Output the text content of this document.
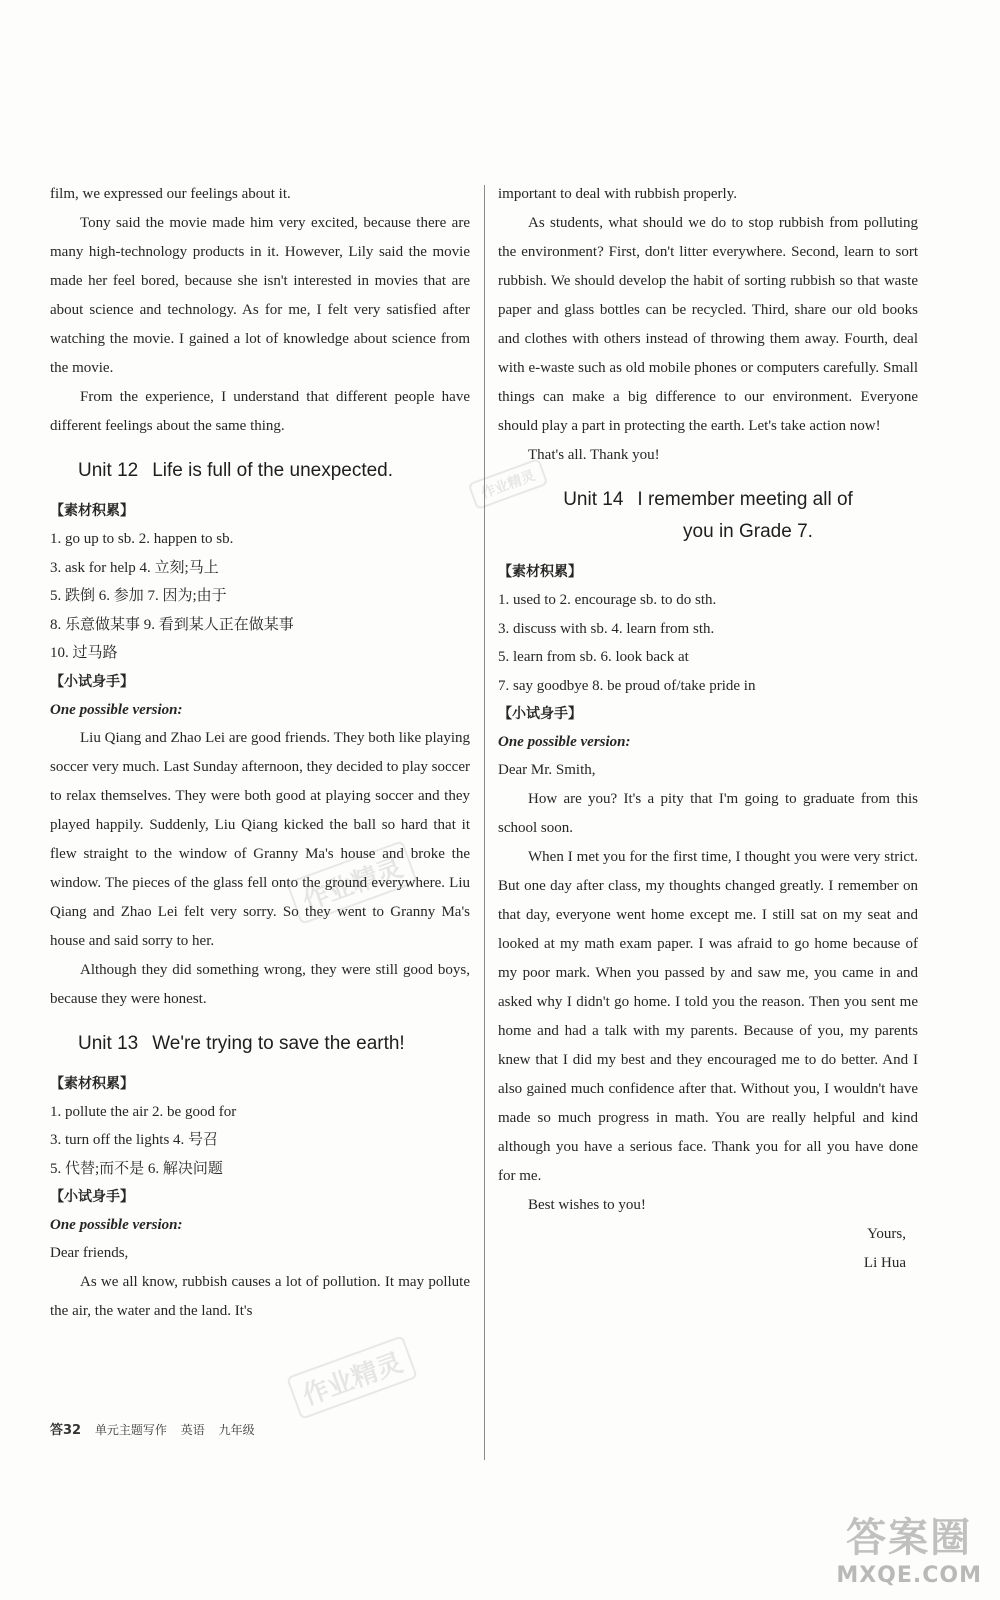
film, we expressed our feelings about it.

Tony said the movie made him very excited, because there are many high-technology products in it. However, Lily said the movie made her feel bored, because she isn't interested in movies that are about science and technology. As for me, I felt very satisfied after watching the movie. I gained a lot of knowledge about science from the movie.

From the experience, I understand that different people have different feelings about the same thing.

Unit 12 Life is full of the unexpected.
【素材积累】
1. go up to sb. 2. happen to sb.
3. ask for help 4. 立刻;马上
5. 跌倒 6. 参加 7. 因为;由于
8. 乐意做某事 9. 看到某人正在做某事
10. 过马路
【小试身手】
One possible version:

Liu Qiang and Zhao Lei are good friends. They both like playing soccer very much. Last Sunday afternoon, they decided to play soccer to relax themselves. They were both good at playing soccer and they played happily. Suddenly, Liu Qiang kicked the ball so hard that it flew straight to the window of Granny Ma's house and broke the window. The pieces of the glass fell onto the ground everywhere. Liu Qiang and Zhao Lei felt very sorry. So they went to Granny Ma's house and said sorry to her.

Although they did something wrong, they were still good boys, because they were honest.

Unit 13 We're trying to save the earth!
【素材积累】
1. pollute the air 2. be good for
3. turn off the lights 4. 号召
5. 代替;而不是 6. 解决问题
【小试身手】
One possible version:

Dear friends,

As we all know, rubbish causes a lot of pollution. It may pollute the air, the water and the land. It's

important to deal with rubbish properly.

As students, what should we do to stop rubbish from polluting the environment? First, don't litter everywhere. Second, learn to sort rubbish. We should develop the habit of sorting rubbish so that waste paper and glass bottles can be recycled. Third, share our old books and clothes with others instead of throwing them away. Fourth, deal with e-waste such as old mobile phones or computers carefully. Small things can make a big difference to our environment. Everyone should play a part in protecting the earth. Let's take action now!

That's all. Thank you!

Unit 14 I remember meeting all of
you in Grade 7.
【素材积累】
1. used to 2. encourage sb. to do sth.
3. discuss with sb. 4. learn from sth.
5. learn from sb. 6. look back at
7. say goodbye 8. be proud of/take pride in
【小试身手】
One possible version:

Dear Mr. Smith,

How are you? It's a pity that I'm going to graduate from this school soon.

When I met you for the first time, I thought you were very strict. But one day after class, my thoughts changed greatly. I remember on that day, everyone went home except me. I still sat on my seat and looked at my math exam paper. I was afraid to go home because of my poor mark. When you passed by and saw me, you came in and asked why I didn't go home. I told you the reason. Then you sent me home and had a talk with my parents. Because of you, my parents knew that I did my best and they encouraged me to do better. And I also gained much confidence after that. Without you, I wouldn't have made so much progress in math. You are really helpful and kind although you have a serious face. Thank you for all you have done for me.

Best wishes to you!

Yours,

Li Hua

答32 单元主题写作 英语 九年级
作业精灵
作业精灵
作业精灵
答案圈
MXQE.COM
